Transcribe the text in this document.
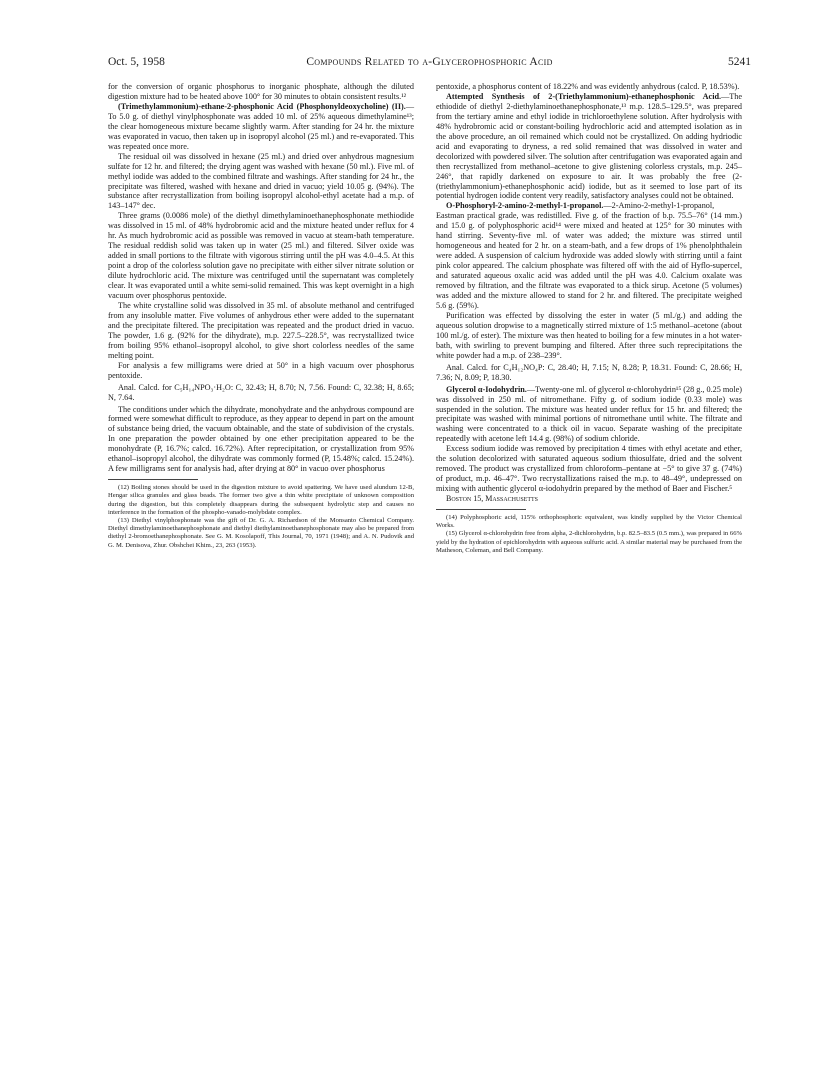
Oct. 5, 1958	Compounds Related to α-Glycerophosphoric Acid	5241

for the conversion of organic phosphorus to inorganic phosphate, although the diluted digestion mixture had to be heated above 100° for 30 minutes to obtain consistent results.¹²

(Trimethylammonium)-ethane-2-phosphonic Acid (Phosphonyldeoxycholine) (II).—To 5.0 g. of diethyl vinylphosphonate was added 10 ml. of 25% aqueous dimethylamine¹³; the clear homogeneous mixture became slightly warm. After standing for 24 hr. the mixture was evaporated in vacuo, then taken up in isopropyl alcohol (25 ml.) and re-evaporated. This was repeated once more.

The residual oil was dissolved in hexane (25 ml.) and dried over anhydrous magnesium sulfate for 12 hr. and filtered; the drying agent was washed with hexane (50 ml.). Five ml. of methyl iodide was added to the combined filtrate and washings. After standing for 24 hr., the precipitate was filtered, washed with hexane and dried in vacuo; yield 10.05 g. (94%). The substance after recrystallization from boiling isopropyl alcohol-ethyl acetate had a m.p. of 143–147° dec.

Three grams (0.0086 mole) of the diethyl dimethylaminoethanephosphonate methiodide was dissolved in 15 ml. of 48% hydrobromic acid and the mixture heated under reflux for 4 hr. As much hydrobromic acid as possible was removed in vacuo at steam-bath temperature. The residual reddish solid was taken up in water (25 ml.) and filtered. Silver oxide was added in small portions to the filtrate with vigorous stirring until the pH was 4.0–4.5. At this point a drop of the colorless solution gave no precipitate with either silver nitrate solution or dilute hydrochloric acid. The mixture was centrifuged until the supernatant was completely clear. It was evaporated until a white semi-solid remained. This was kept overnight in a high vacuum over phosphorus pentoxide.

The white crystalline solid was dissolved in 35 ml. of absolute methanol and centrifuged from any insoluble matter. Five volumes of anhydrous ether were added to the supernatant and the precipitate filtered. The precipitation was repeated and the product dried in vacuo. The powder, 1.6 g. (92% for the dihydrate), m.p. 227.5–228.5°, was recrystallized twice from boiling 95% ethanol–isopropyl alcohol, to give short colorless needles of the same melting point.

For analysis a few milligrams were dried at 50° in a high vacuum over phosphorus pentoxide.

Anal. Calcd. for C₅H₁₄NPO₃·H₂O: C, 32.43; H, 8.70; N, 7.56. Found: C, 32.38; H, 8.65; N, 7.64.

The conditions under which the dihydrate, monohydrate and the anhydrous compound are formed were somewhat difficult to reproduce, as they appear to depend in part on the amount of substance being dried, the vacuum obtainable, and the state of subdivision of the crystals. In one preparation the powder obtained by one ether precipitation appeared to be the monohydrate (P, 16.7%; calcd. 16.72%). After reprecipitation, or crystallization from 95% ethanol–isopropyl alcohol, the dihydrate was commonly formed (P, 15.48%; calcd. 15.24%). A few milligrams sent for analysis had, after drying at 80° in vacuo over phosphorus

(12) Boiling stones should be used in the digestion mixture to avoid spattering. We have used alundum 12-B, Hengar silica granules and glass beads. The former two give a thin white precipitate of unknown composition during the digestion, but this completely disappears during the subsequent hydrolytic step and causes no interference in the formation of the phospho-vanado-molybdate complex.

(13) Diethyl vinylphosphonate was the gift of Dr. G. A. Richardson of the Monsanto Chemical Company. Diethyl dimethylaminoethanephosphonate and diethyl diethylaminoethanephosphonate may also be prepared from diethyl 2-bromoethanephosphonate. See G. M. Kosolapoff, This Journal, 70, 1971 (1948); and A. N. Pudovik and G. M. Denisova, Zhur. Obshchei Khim., 23, 263 (1953).

pentoxide, a phosphorus content of 18.22% and was evidently anhydrous (calcd. P, 18.53%).

Attempted Synthesis of 2-(Triethylammonium)-ethanephosphonic Acid.—The ethiodide of diethyl 2-diethylaminoethanephosphonate,¹³ m.p. 128.5–129.5°, was prepared from the tertiary amine and ethyl iodide in trichloroethylene solution. After hydrolysis with 48% hydrobromic acid or constant-boiling hydrochloric acid and attempted isolation as in the above procedure, an oil remained which could not be crystallized. On adding hydriodic acid and evaporating to dryness, a red solid remained that was dissolved in water and decolorized with powdered silver. The solution after centrifugation was evaporated again and then recrystallized from methanol–acetone to give glistening colorless crystals, m.p. 245–246°, that rapidly darkened on exposure to air. It was probably the free (2-(triethylammonium)-ethanephosphonic acid) iodide, but as it seemed to lose part of its potential hydrogen iodide content very readily, satisfactory analyses could not be obtained.

O-Phosphoryl-2-amino-2-methyl-1-propanol.—2-Amino-2-methyl-1-propanol, Eastman practical grade, was redistilled. Five g. of the fraction of b.p. 75.5–76° (14 mm.) and 15.0 g. of polyphosphoric acid¹⁴ were mixed and heated at 125° for 30 minutes with hand stirring. Seventy-five ml. of water was added; the mixture was stirred until homogeneous and heated for 2 hr. on a steam-bath, and a few drops of 1% phenolphthalein were added. A suspension of calcium hydroxide was added slowly with stirring until a faint pink color appeared. The calcium phosphate was filtered off with the aid of Hyflo-supercel, and saturated aqueous oxalic acid was added until the pH was 4.0. Calcium oxalate was removed by filtration, and the filtrate was evaporated to a thick sirup. Acetone (5 volumes) was added and the mixture allowed to stand for 2 hr. and filtered. The precipitate weighed 5.6 g. (59%).

Purification was effected by dissolving the ester in water (5 ml./g.) and adding the aqueous solution dropwise to a magnetically stirred mixture of 1:5 methanol–acetone (about 100 ml./g. of ester). The mixture was then heated to boiling for a few minutes in a hot water-bath, with swirling to prevent bumping and filtered. After three such reprecipitations the white powder had a m.p. of 238–239°.

Anal. Calcd. for C₄H₁₂NO₄P: C, 28.40; H, 7.15; N, 8.28; P, 18.31. Found: C, 28.66; H, 7.36; N, 8.09; P, 18.30.

Glycerol α-Iodohydrin.—Twenty-one ml. of glycerol α-chlorohydrin¹⁵ (28 g., 0.25 mole) was dissolved in 250 ml. of nitromethane. Fifty g. of sodium iodide (0.33 mole) was suspended in the solution. The mixture was heated under reflux for 15 hr. and filtered; the precipitate was washed with minimal portions of nitromethane until white. The filtrate and washing were concentrated to a thick oil in vacuo. Separate washing of the precipitate repeatedly with acetone left 14.4 g. (98%) of sodium chloride.

Excess sodium iodide was removed by precipitation 4 times with ethyl acetate and ether, the solution decolorized with saturated aqueous sodium thiosulfate, dried and the solvent removed. The product was crystallized from chloroform–pentane at −5° to give 37 g. (74%) of product, m.p. 46–47°. Two recrystallizations raised the m.p. to 48–49°, undepressed on mixing with authentic glycerol α-iodohydrin prepared by the method of Baer and Fischer.⁵

Boston 15, Massachusetts

(14) Polyphosphoric acid, 115% orthophosphoric equivalent, was kindly supplied by the Victor Chemical Works.

(15) Glycerol α-chlorohydrin free from alpha, 2-dichlorohydrin, b.p. 82.5–83.5 (0.5 mm.), was prepared in 66% yield by the hydration of epichlorohydrin with aqueous sulfuric acid. A similar material may be purchased from the Matheson, Coleman, and Bell Company.
